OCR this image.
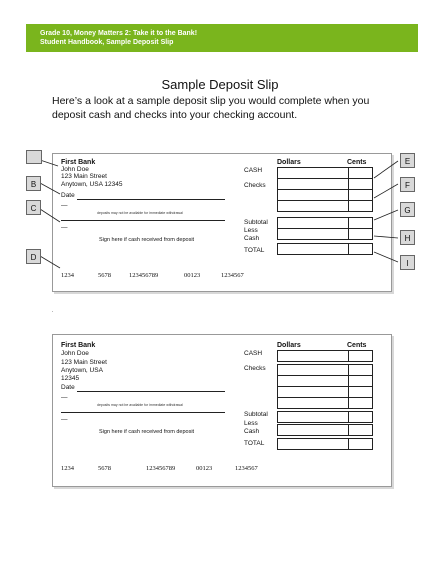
Grade 10, Money Matters 2: Take it to the Bank!
Student Handbook, Sample Deposit Slip
Sample Deposit Slip
Here’s a look at a sample deposit slip you would complete when you deposit cash and checks into your checking account.
First Bank
John Doe
123 Main Street
Anytown, USA 12345
Date
—
deposits may not be available for immediate withdrawal
—
Sign here if cash received from deposit
CASH
Checks
Subtotal
Less
Cash
TOTAL
Dollars	Cents
1234	5678	123456789	00123	1234567
B
C
D
E
F
G
H
I
.
First Bank
John Doe
123 Main Street
Anytown, USA
12345
Date
—
deposits may not be available for immediate withdrawal
—
Sign here if cash received from deposit
CASH
Checks
Subtotal
Less
Cash
TOTAL
Dollars	Cents
1234	5678	123456789	00123	1234567
